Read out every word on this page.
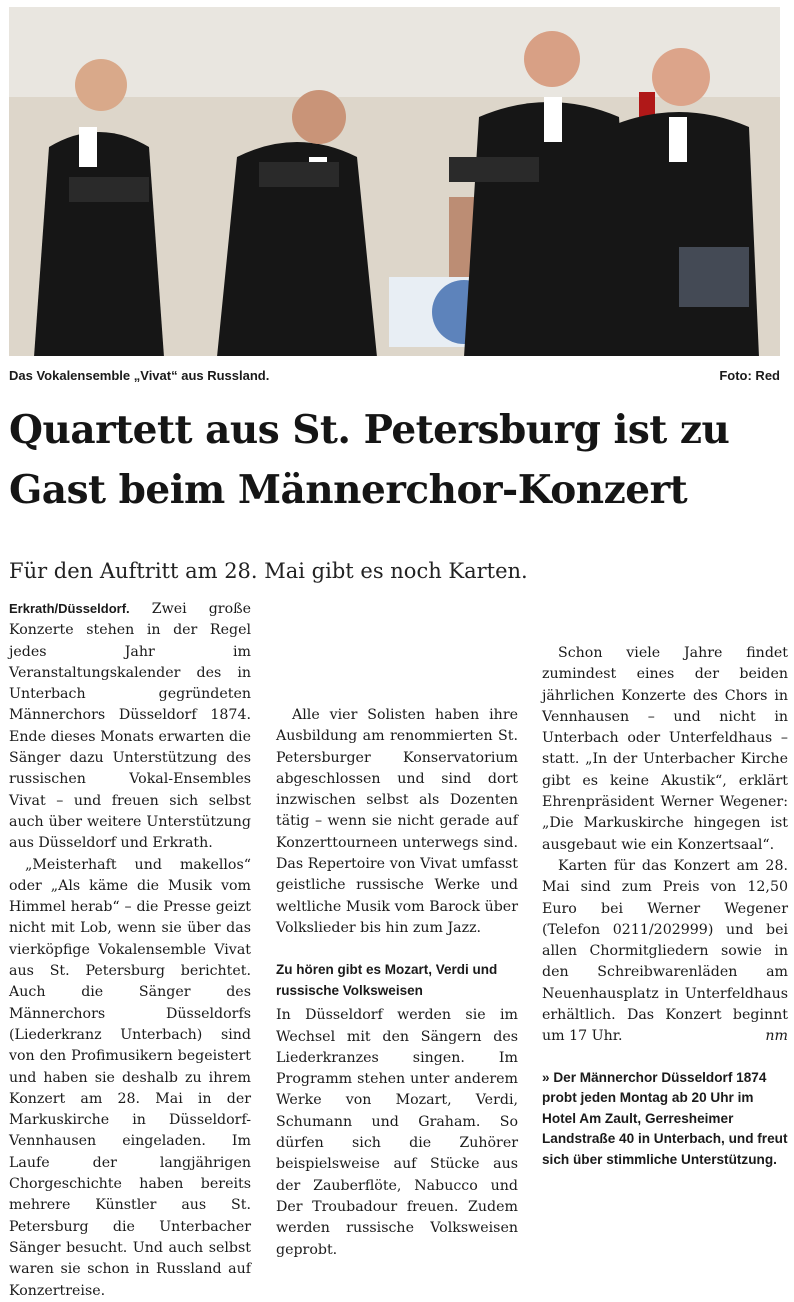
Das Vokalensemble „Vivat“ aus Russland.	Foto: Red
Quartett aus St. Petersburg ist zu
Gast beim Männerchor-Konzert
Für den Auftritt am 28. Mai gibt es noch Karten.

Erkrath/Düsseldorf. Zwei große Konzerte stehen in der Regel jedes Jahr im Veranstaltungskalender des in Unterbach gegründeten Männerchors Düsseldorf 1874. Ende dieses Monats erwarten die Sänger dazu Unterstützung des russischen Vokal-Ensembles Vivat – und freuen sich selbst auch über weitere Unterstützung aus Düsseldorf und Erkrath.

„Meisterhaft und makellos“ oder „Als käme die Musik vom Himmel herab“ – die Presse geizt nicht mit Lob, wenn sie über das vierköpfige Vokalensemble Vivat aus St. Petersburg berichtet. Auch die Sänger des Männerchors Düsseldorfs (Liederkranz Unterbach) sind von den Profimusikern begeistert und haben sie deshalb zu ihrem Konzert am 28. Mai in der Markuskirche in Düsseldorf-Vennhausen eingeladen. Im Laufe der langjährigen Chorgeschichte haben bereits mehrere Künstler aus St. Petersburg die Unterbacher Sänger besucht. Und auch selbst waren sie schon in Russland auf Konzertreise.

Alle vier Solisten haben ihre Ausbildung am renommierten St. Petersburger Konservatorium abgeschlossen und sind dort inzwischen selbst als Dozenten tätig – wenn sie nicht gerade auf Konzerttourneen unterwegs sind. Das Repertoire von Vivat umfasst geistliche russische Werke und weltliche Musik vom Barock über Volkslieder bis hin zum Jazz.

Zu hören gibt es Mozart, Verdi und russische Volksweisen

In Düsseldorf werden sie im Wechsel mit den Sängern des Liederkranzes singen. Im Programm stehen unter anderem Werke von Mozart, Verdi, Schumann und Graham. So dürfen sich die Zuhörer beispielsweise auf Stücke aus der Zauberflöte, Nabucco und Der Troubadour freuen. Zudem werden russische Volksweisen geprobt.

Schon viele Jahre findet zumindest eines der beiden jährlichen Konzerte des Chors in Vennhausen – und nicht in Unterbach oder Unterfeldhaus – statt. „In der Unterbacher Kirche gibt es keine Akustik“, erklärt Ehrenpräsident Werner Wegener: „Die Markuskirche hingegen ist ausgebaut wie ein Konzertsaal“.

Karten für das Konzert am 28. Mai sind zum Preis von 12,50 Euro bei Werner Wegener (Telefon 0211/202999) und bei allen Chormitgliedern sowie in den Schreibwarenläden am Neuenhausplatz in Unterfeldhaus erhältlich. Das Konzert beginnt um 17 Uhr.	nm

» Der Männerchor Düsseldorf 1874 probt jeden Montag ab 20 Uhr im Hotel Am Zault, Gerresheimer Landstraße 40 in Unterbach, und freut sich über stimmliche Unterstützung.
